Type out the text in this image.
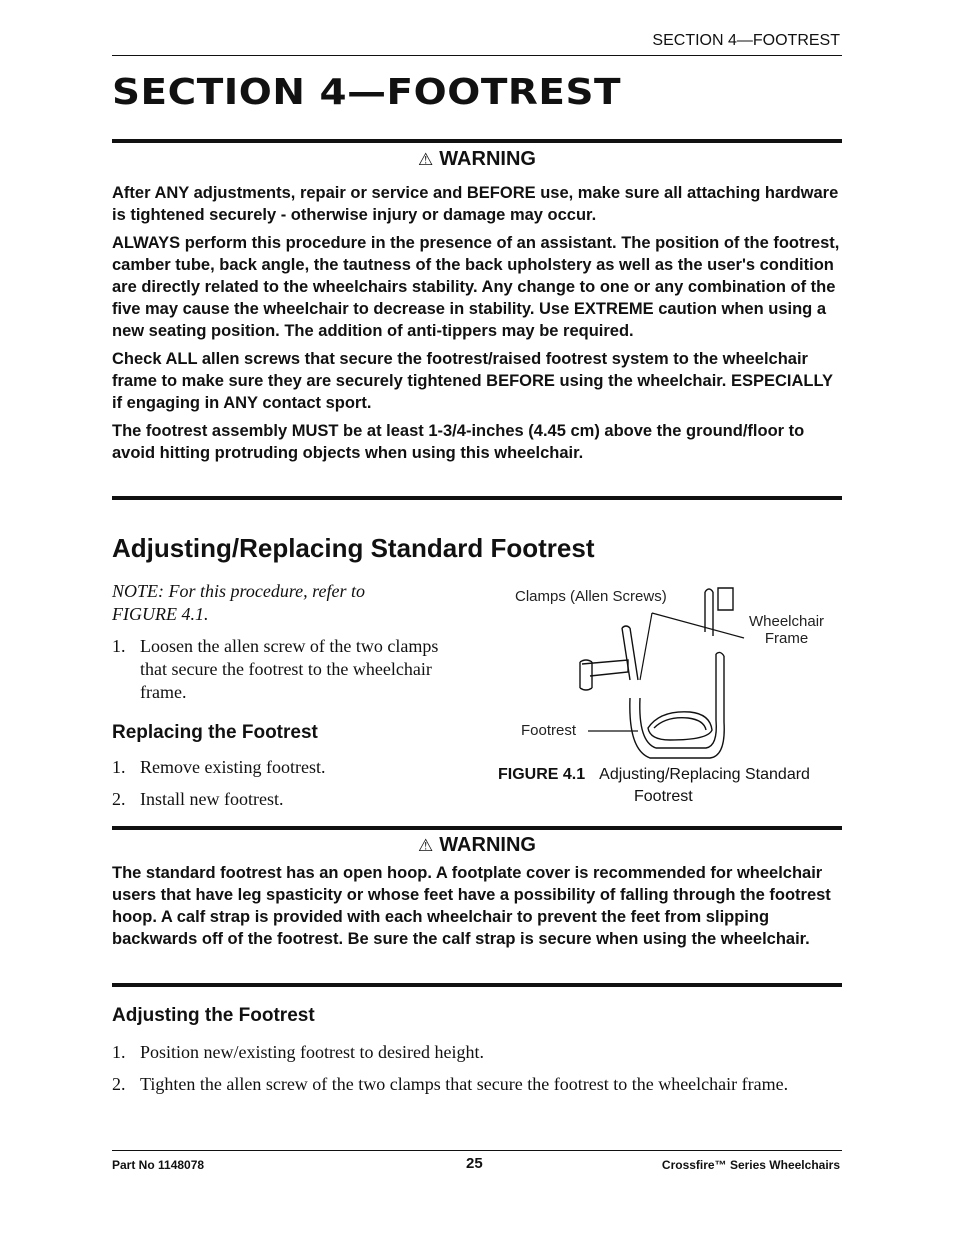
SECTION 4—FOOTREST
SECTION 4—FOOTREST
⚠ WARNING

After ANY adjustments, repair or service and BEFORE use, make sure all attaching hardware is tightened securely - otherwise injury or damage may occur.

ALWAYS perform this procedure in the presence of an assistant. The position of the footrest, camber tube, back angle, the tautness of the back upholstery as well as the user's condition are directly related to the wheelchairs stability. Any change to one or any combination of the five may cause the wheelchair to decrease in stability. Use EXTREME caution when using a new seating position. The addition of anti-tippers may be required.

Check ALL allen screws that secure the footrest/raised footrest system to the wheelchair frame to make sure they are securely tightened BEFORE using the wheelchair. ESPECIALLY if engaging in ANY contact sport.

The footrest assembly MUST be at least 1-3/4-inches (4.45 cm) above the ground/floor to avoid hitting protruding objects when using this wheelchair.

Adjusting/Replacing Standard Footrest
NOTE: For this procedure, refer to FIGURE 4.1.
1. Loosen the allen screw of the two clamps that secure the footrest to the wheelchair frame.
Replacing the Footrest
1. Remove existing footrest.
2. Install new footrest.
Clamps (Allen Screws)
Wheelchair
Frame
Footrest
FIGURE 4.1 Adjusting/Replacing Standard
Footrest
⚠ WARNING
The standard footrest has an open hoop. A footplate cover is recommended for wheelchair users that have leg spasticity or whose feet have a possibility of falling through the footrest hoop. A calf strap is provided with each wheelchair to prevent the feet from slipping backwards off of the footrest. Be sure the calf strap is secure when using the wheelchair.
Adjusting the Footrest
1. Position new/existing footrest to desired height.
2. Tighten the allen screw of the two clamps that secure the footrest to the wheelchair frame.
Part No 1148078	25	Crossfire™ Series Wheelchairs
